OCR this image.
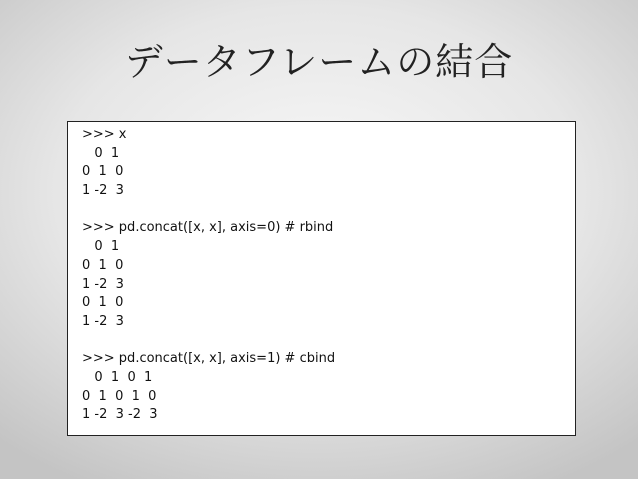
データフレームの結合
>>> x
0  1
0  1  0
1 -2  3
>>> pd.concat([x, x], axis=0) # rbind
0  1
0  1  0
1 -2  3
0  1  0
1 -2  3
>>> pd.concat([x, x], axis=1) # cbind
0  1  0  1
0  1  0  1  0
1 -2  3 -2  3
